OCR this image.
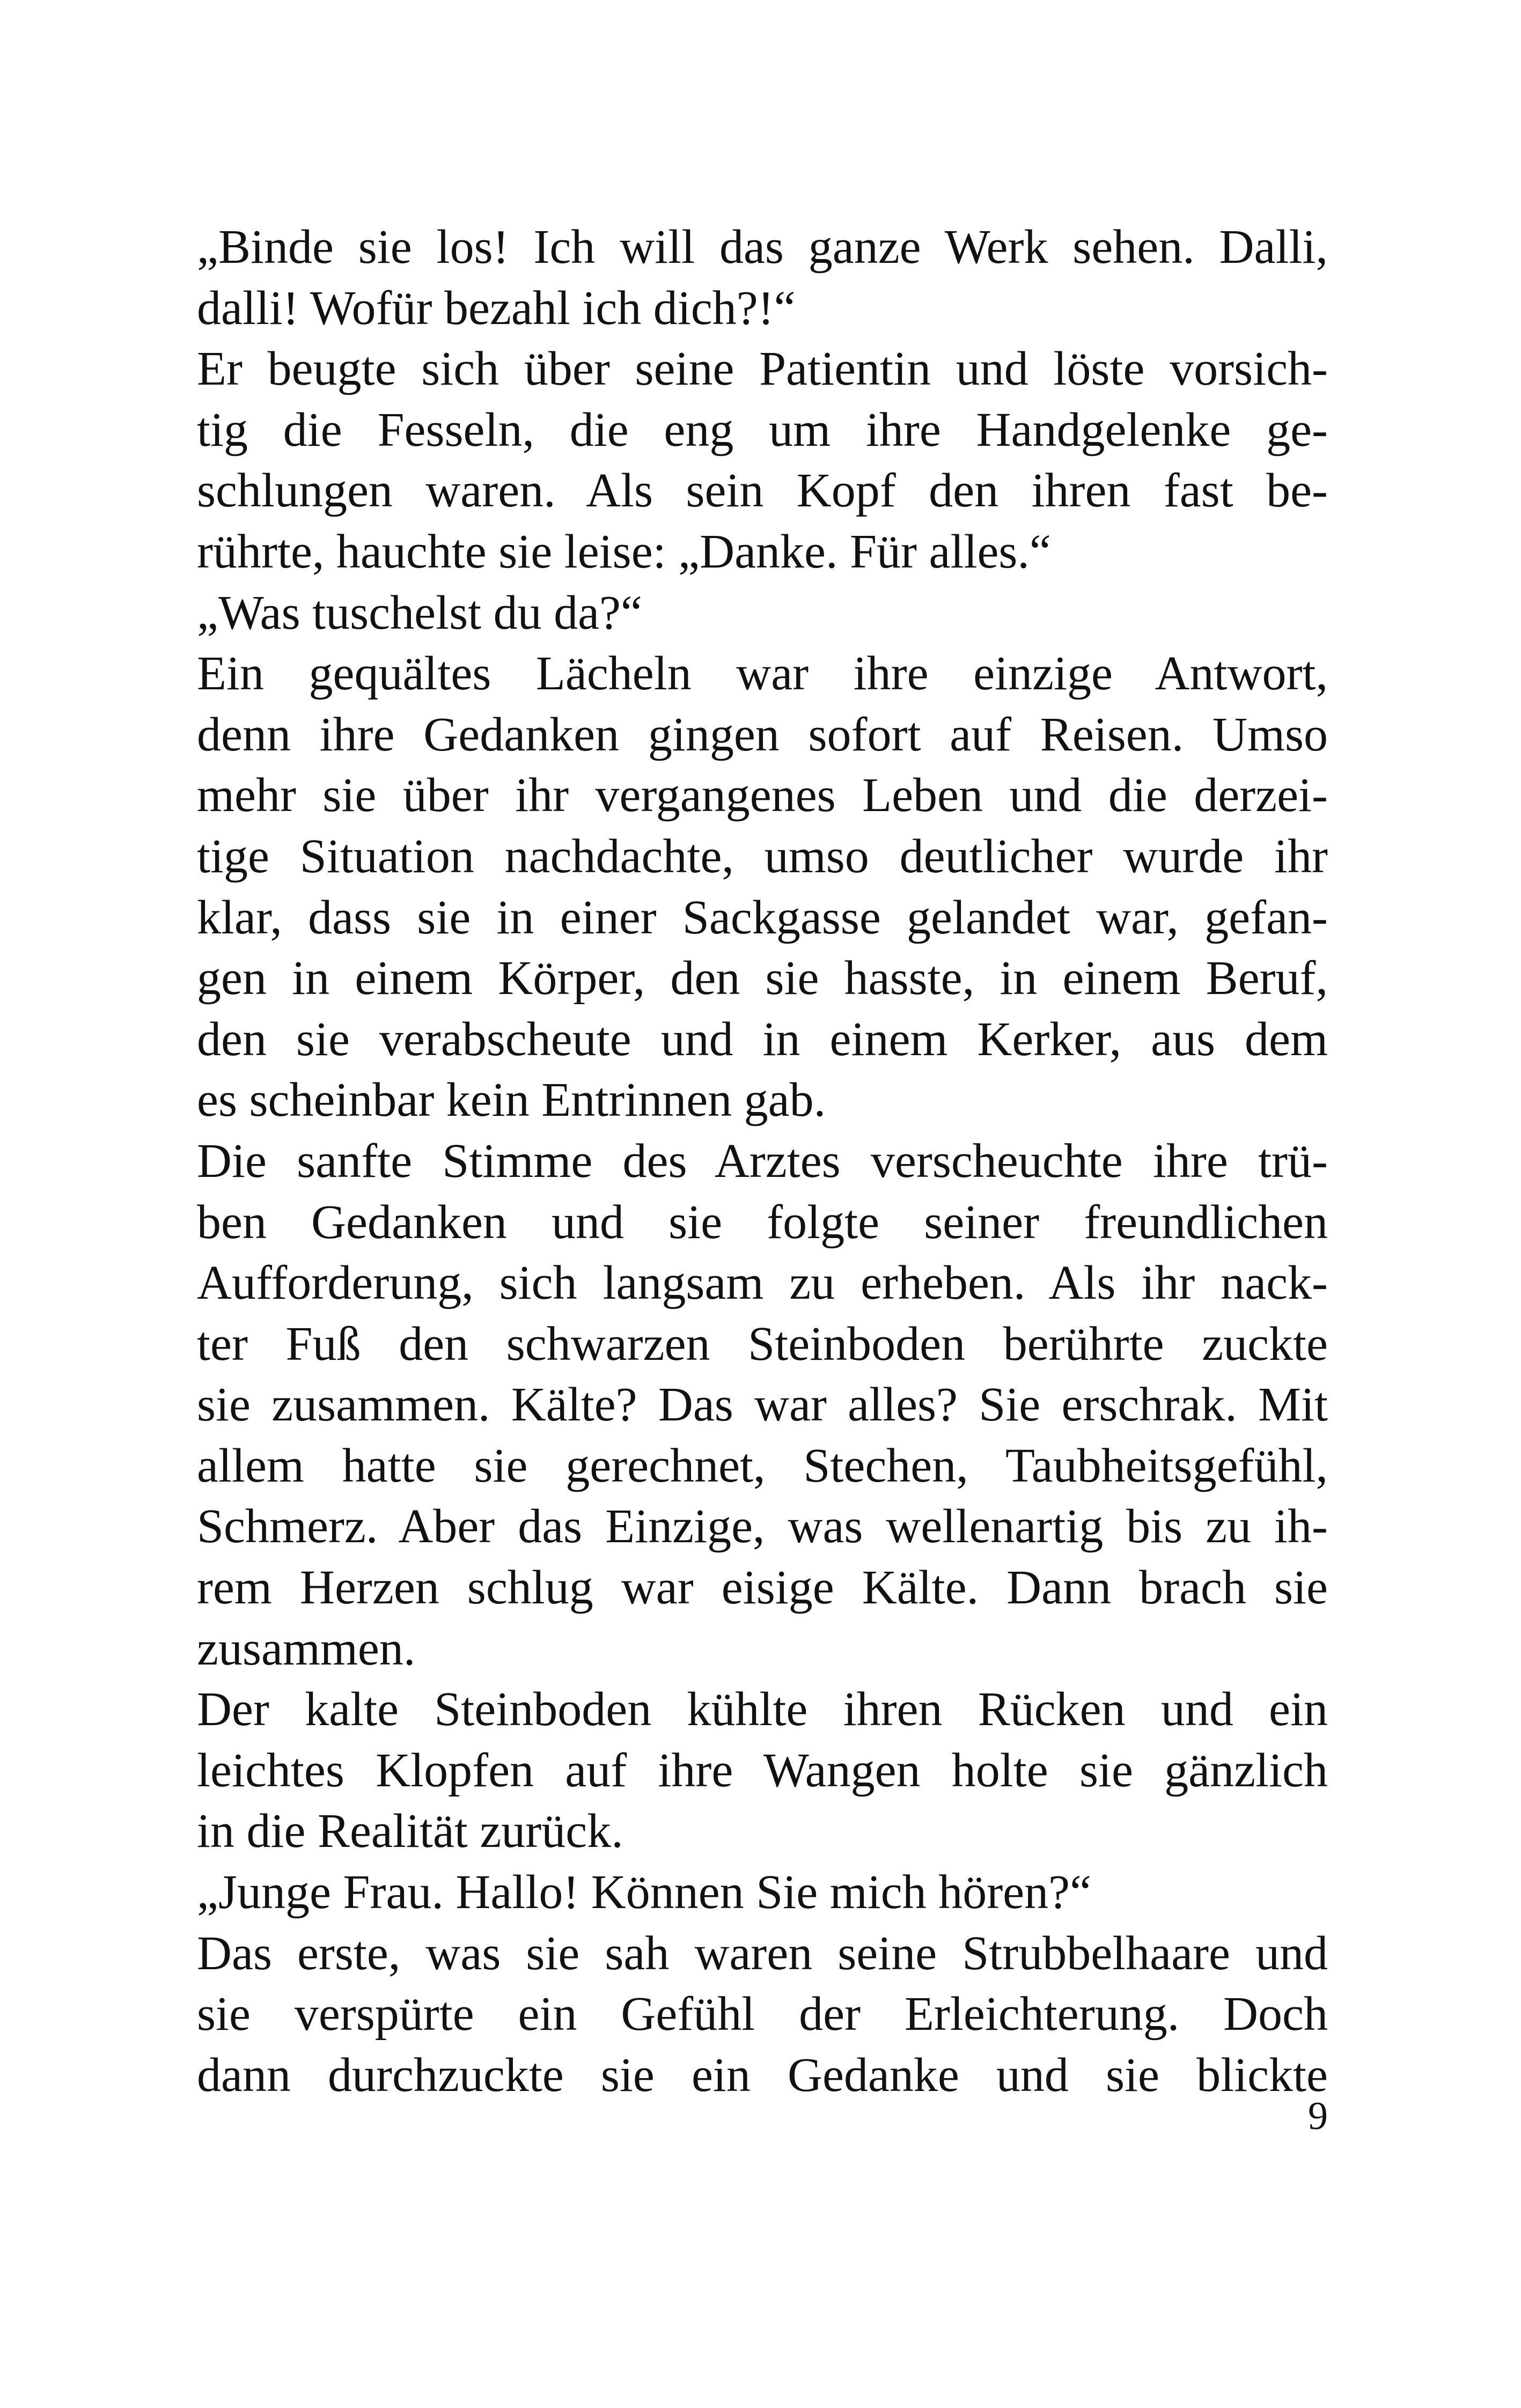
„Binde sie los! Ich will das ganze Werk sehen. Dalli,
dalli! Wofür bezahl ich dich?!“
Er beugte sich über seine Patientin und löste vorsich-
tig die Fesseln, die eng um ihre Handgelenke ge-
schlungen waren. Als sein Kopf den ihren fast be-
rührte, hauchte sie leise: „Danke. Für alles.“
„Was tuschelst du da?“
Ein gequältes Lächeln war ihre einzige Antwort,
denn ihre Gedanken gingen sofort auf Reisen. Umso
mehr sie über ihr vergangenes Leben und die derzei-
tige Situation nachdachte, umso deutlicher wurde ihr
klar, dass sie in einer Sackgasse gelandet war, gefan-
gen in einem Körper, den sie hasste, in einem Beruf,
den sie verabscheute und in einem Kerker, aus dem
es scheinbar kein Entrinnen gab.
Die sanfte Stimme des Arztes verscheuchte ihre trü-
ben Gedanken und sie folgte seiner freundlichen
Aufforderung, sich langsam zu erheben. Als ihr nack-
ter Fuß den schwarzen Steinboden berührte zuckte
sie zusammen. Kälte? Das war alles? Sie erschrak. Mit
allem hatte sie gerechnet, Stechen, Taubheitsgefühl,
Schmerz. Aber das Einzige, was wellenartig bis zu ih-
rem Herzen schlug war eisige Kälte. Dann brach sie
zusammen.
Der kalte Steinboden kühlte ihren Rücken und ein
leichtes Klopfen auf ihre Wangen holte sie gänzlich
in die Realität zurück.
„Junge Frau. Hallo! Können Sie mich hören?“
Das erste, was sie sah waren seine Strubbelhaare und
sie verspürte ein Gefühl der Erleichterung. Doch
dann durchzuckte sie ein Gedanke und sie blickte
9
